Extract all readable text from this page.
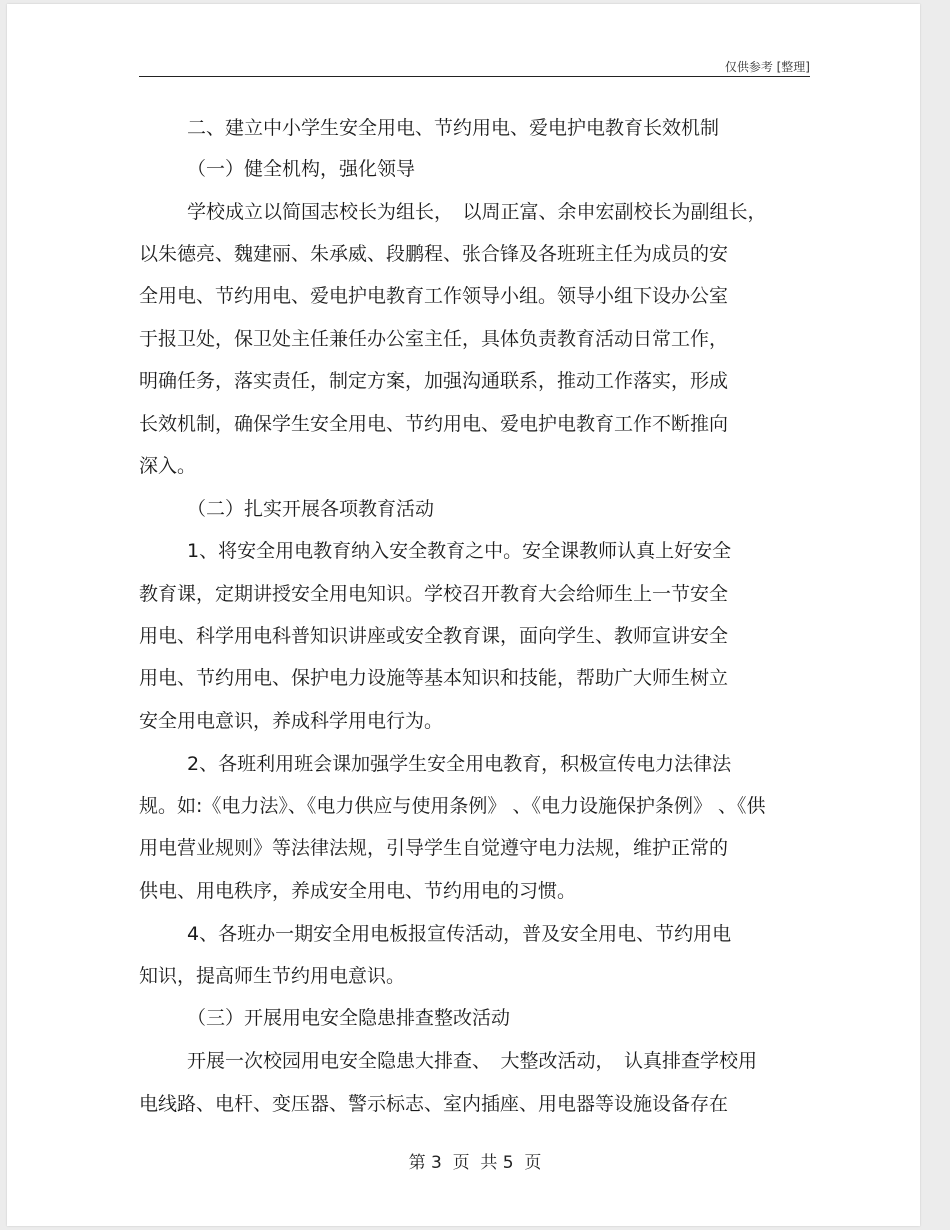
仅供参考 [整理]
二、建立中小学生安全用电、节约用电、爱电护电教育长效机制
（一）健全机构，强化领导
学校成立以简国志校长为组长，　以周正富、余申宏副校长为副组长，
以朱德亮、魏建丽、朱承威、段鹏程、张合锋及各班班主任为成员的安
全用电、节约用电、爱电护电教育工作领导小组。领导小组下设办公室
于报卫处，保卫处主任兼任办公室主任，具体负责教育活动日常工作，
明确任务，落实责任，制定方案，加强沟通联系，推动工作落实，形成
长效机制，确保学生安全用电、节约用电、爱电护电教育工作不断推向
深入。
（二）扎实开展各项教育活动
1、将安全用电教育纳入安全教育之中。安全课教师认真上好安全
教育课，定期讲授安全用电知识。学校召开教育大会给师生上一节安全
用电、科学用电科普知识讲座或安全教育课，面向学生、教师宣讲安全
用电、节约用电、保护电力设施等基本知识和技能，帮助广大师生树立
安全用电意识，养成科学用电行为。
2、各班利用班会课加强学生安全用电教育，积极宣传电力法律法
规。如:《电力法》、《电力供应与使用条例》 、《电力设施保护条例》 、《供
用电营业规则》等法律法规，引导学生自觉遵守电力法规，维护正常的
供电、用电秩序，养成安全用电、节约用电的习惯。
4、各班办一期安全用电板报宣传活动，普及安全用电、节约用电
知识，提高师生节约用电意识。
（三）开展用电安全隐患排查整改活动
开展一次校园用电安全隐患大排查、　大整改活动，　认真排查学校用
电线路、电杆、变压器、警示标志、室内插座、用电器等设施设备存在
第 3  页  共 5  页
